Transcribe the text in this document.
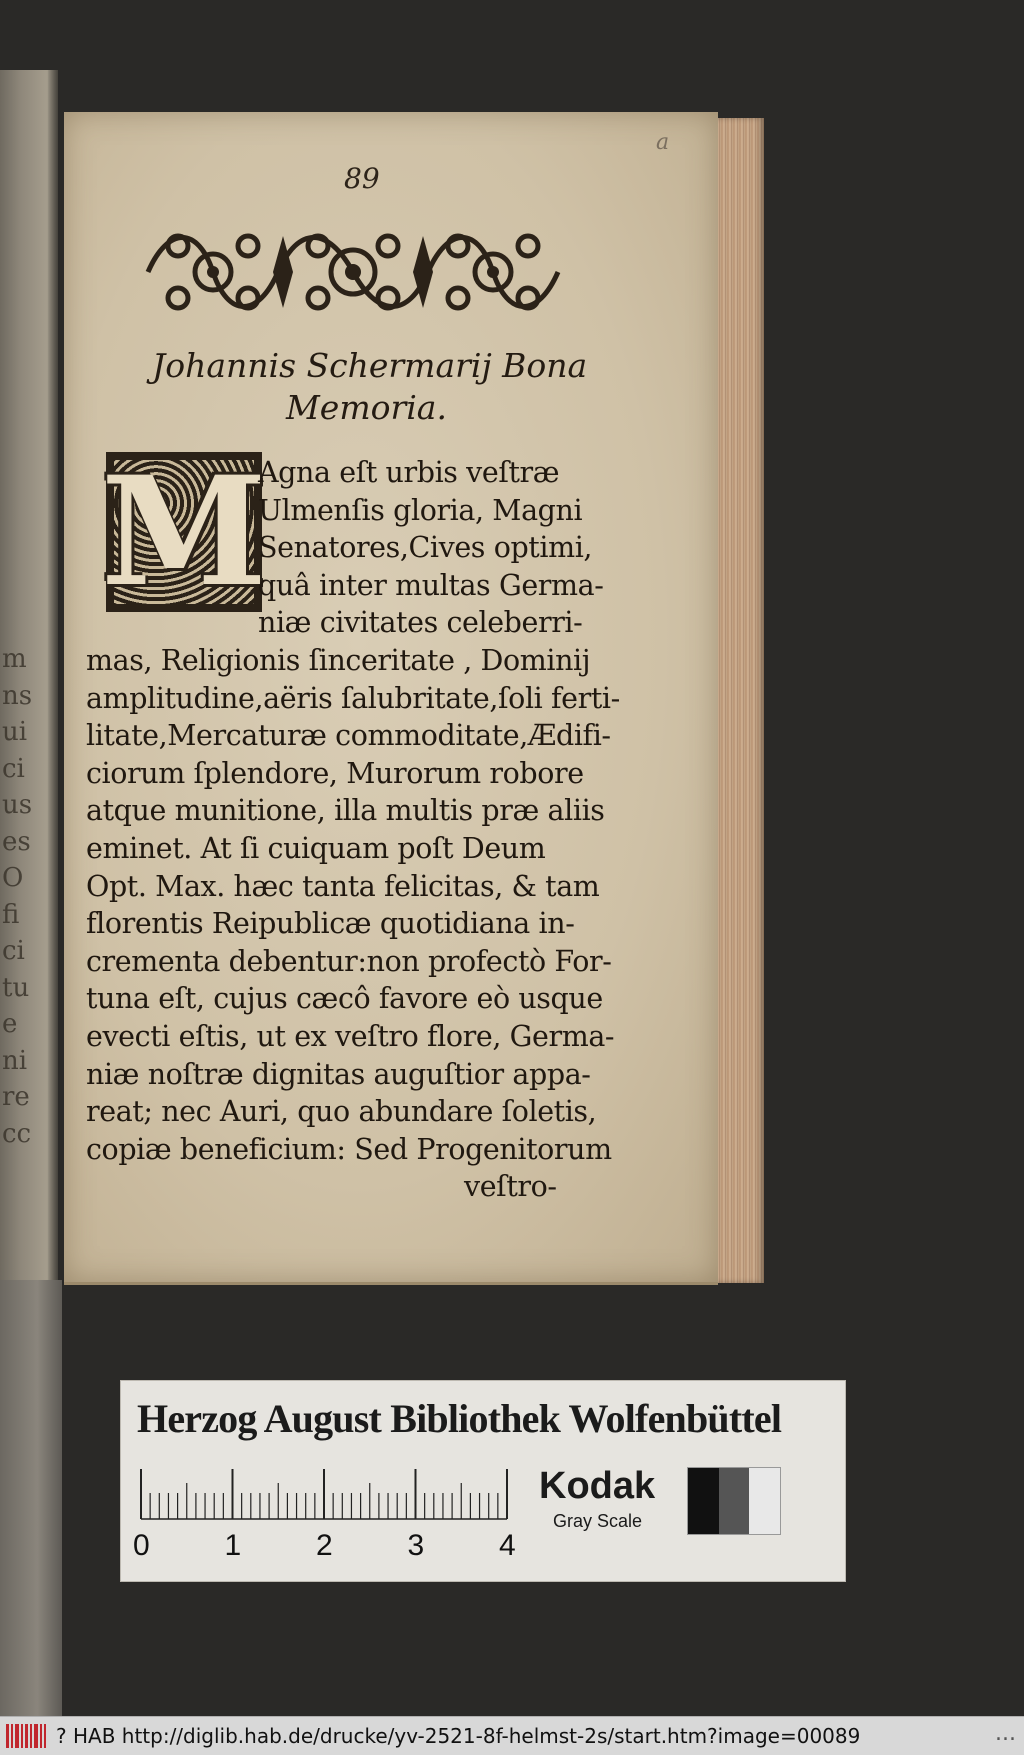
m
ns
ui
ci
us
es
O
fi
ci
tu
e
ni
re
cc
89
a
Johannis Schermarij Bona
Memoria.
M
Agna eſt urbis veſtræ
Ulmenſis gloria, Magni
Senatores,Cives optimi,
quâ inter multas Germa-
niæ civitates celeberri-
mas, Religionis ſinceritate , Dominij
amplitudine,aëris ſalubritate,ſoli ferti-
litate,Mercaturæ commoditate,Ædifi-
ciorum ſplendore, Murorum robore
atque munitione, illa multis præ aliis
eminet. At ſi cuiquam poſt Deum
Opt. Max. hæc tanta felicitas, & tam
florentis Reipublicæ quotidiana in-
crementa debentur:non profectò For-
tuna eſt, cujus cæcô favore eò usque
evecti eſtis, ut ex veſtro flore, Germa-
niæ noſtræ dignitas auguſtior appa-
reat; nec Auri, quo abundare ſoletis,
copiæ beneficium: Sed Progenitorum
veſtro-
Herzog August Bibliothek Wolfenbüttel
0 1 2 3 4
Kodak
Gray Scale
? HAB http://diglib.hab.de/drucke/yv-2521-8f-helmst-2s/start.htm?image=00089	...
